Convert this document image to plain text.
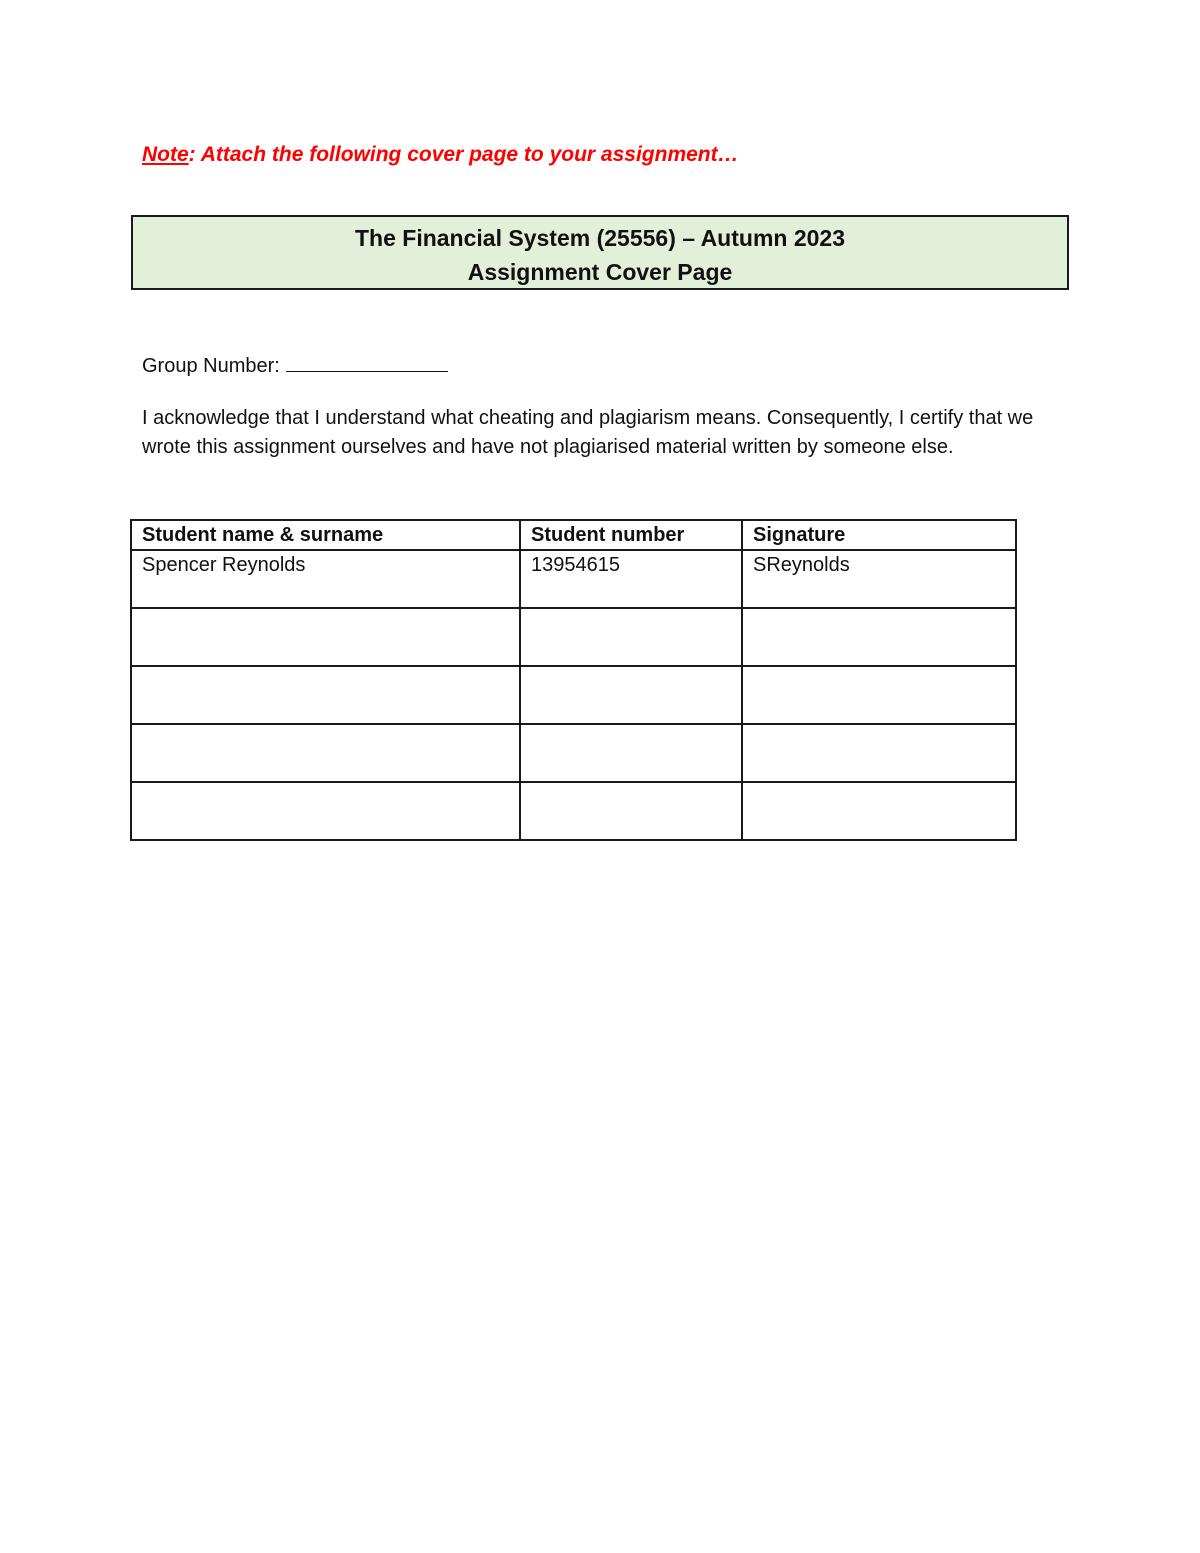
Note: Attach the following cover page to your assignment…
The Financial System (25556) – Autumn 2023
Assignment Cover Page
Group Number:
I acknowledge that I understand what cheating and plagiarism means. Consequently, I certify that we wrote this assignment ourselves and have not plagiarised material written by someone else.
Student name & surname	Student number	Signature
Spencer Reynolds	13954615	SReynolds
